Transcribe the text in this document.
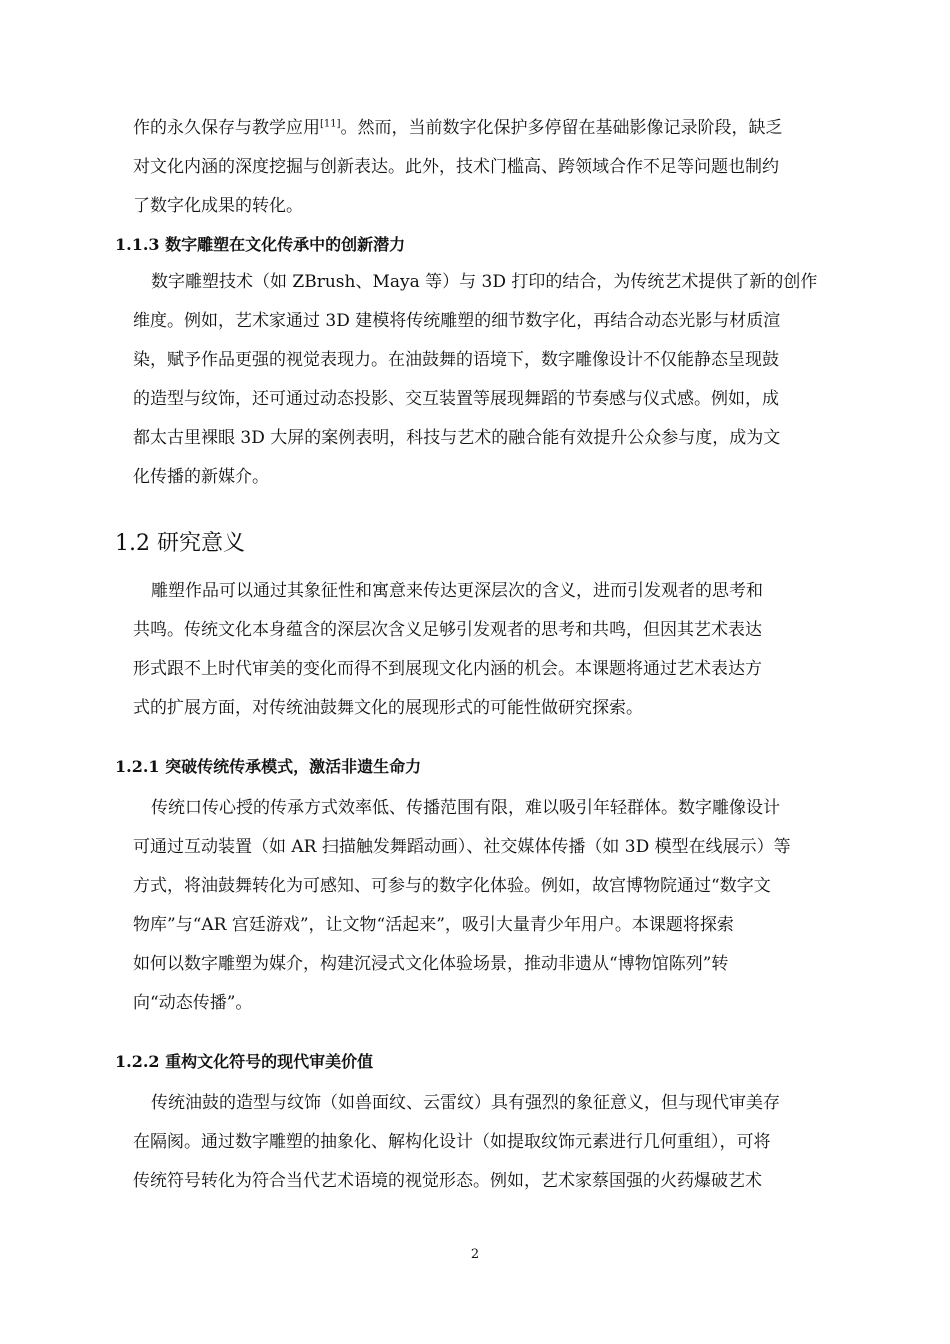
作的永久保存与教学应用[11]。然而，当前数字化保护多停留在基础影像记录阶段，缺乏
对文化内涵的深度挖掘与创新表达。此外，技术门槛高、跨领域合作不足等问题也制约
了数字化成果的转化。
1.1.3 数字雕塑在文化传承中的创新潜力
数字雕塑技术（如 ZBrush、Maya 等）与 3D 打印的结合，为传统艺术提供了新的创作
维度。例如，艺术家通过 3D 建模将传统雕塑的细节数字化，再结合动态光影与材质渲
染，赋予作品更强的视觉表现力。在油鼓舞的语境下，数字雕像设计不仅能静态呈现鼓
的造型与纹饰，还可通过动态投影、交互装置等展现舞蹈的节奏感与仪式感。例如，成
都太古里裸眼 3D 大屏的案例表明，科技与艺术的融合能有效提升公众参与度，成为文
化传播的新媒介。
1.2 研究意义
雕塑作品可以通过其象征性和寓意来传达更深层次的含义，进而引发观者的思考和
共鸣。传统文化本身蕴含的深层次含义足够引发观者的思考和共鸣，但因其艺术表达
形式跟不上时代审美的变化而得不到展现文化内涵的机会。本课题将通过艺术表达方
式的扩展方面，对传统油鼓舞文化的展现形式的可能性做研究探索。
1.2.1 突破传统传承模式，激活非遗生命力
传统口传心授的传承方式效率低、传播范围有限，难以吸引年轻群体。数字雕像设计
可通过互动装置（如 AR 扫描触发舞蹈动画）、社交媒体传播（如 3D 模型在线展示）等
方式，将油鼓舞转化为可感知、可参与的数字化体验。例如，故宫博物院通过“数字文
物库”与“AR 宫廷游戏”，让文物“活起来”，吸引大量青少年用户。本课题将探索
如何以数字雕塑为媒介，构建沉浸式文化体验场景，推动非遗从“博物馆陈列”转
向“动态传播”。
1.2.2 重构文化符号的现代审美价值
传统油鼓的造型与纹饰（如兽面纹、云雷纹）具有强烈的象征意义，但与现代审美存
在隔阂。通过数字雕塑的抽象化、解构化设计（如提取纹饰元素进行几何重组），可将
传统符号转化为符合当代艺术语境的视觉形态。例如，艺术家蔡国强的火药爆破艺术
2
